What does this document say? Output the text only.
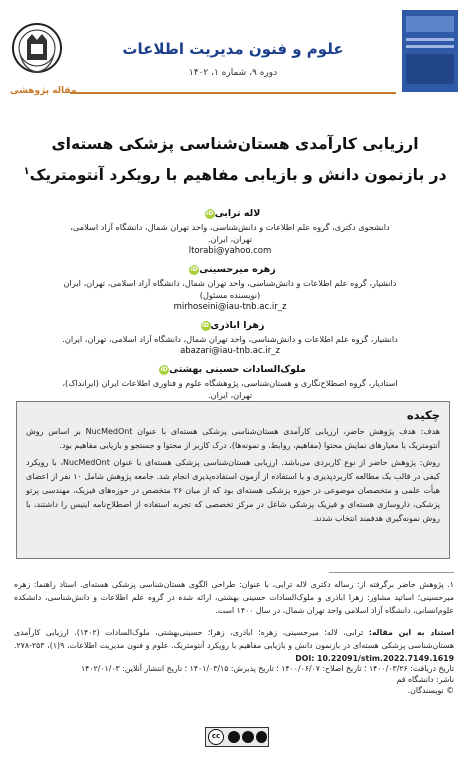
علوم و فنون مدیریت اطلاعات
دوره ۹، شماره ۱، ۱۴۰۲
مقاله پژوهشی
ارزیابی کارآمدی هستان‌شناسی پزشکی هسته‌ای
در بازنمون دانش و بازیابی مفاهیم با رویکرد آنتومتریک$^۱$
لاله ترابیiD
دانشجوی دکتری، گروه علم اطلاعات و دانش‌شناسی، واحد تهران شمال، دانشگاه آزاد اسلامی،
تهران، ایران.
ltorabi@yahoo.com
زهره میرحسینیiD
دانشیار، گروه علم اطلاعات و دانش‌شناسی، واحد تهران شمال، دانشگاه آزاد اسلامی، تهران، ایران
(نویسنده مسئول)
mirhoseini@iau-tnb.ac.ir_z
زهرا اباذریiD
دانشیار، گروه علم اطلاعات و دانش‌شناسی، واحد تهران شمال، دانشگاه آزاد اسلامی، تهران، ایران.
abazari@iau-tnb.ac.ir_z
ملوک‌السادات حسینی بهشتیiD
استادیار، گروه اصطلاح‌نگاری و هستان‌شناسی، پژوهشگاه علوم و فناوری اطلاعات ایران (ایرانداک)،
تهران، ایران.
چکیده

هدف: هدف پژوهش حاضر، ارزیابی کارآمدی هستان‌شناسی پزشکی هسته‌ای با عنوان NucMedOnt بر اساس روش آنتومتریک با معیارهای نمایش محتوا (مفاهیم، روابط، و نمونه‌ها)، درک کاربر از محتوا و جستجو و بازیابی مفاهیم بود.

روش: پژوهش حاضر از نوع کاربردی می‌باشد. ارزیابی هستان‌شناسی پزشکی هسته‌ای با عنوان NucMedOnt، با رویکرد کیفی در قالب یک مطالعه کاربردپذیری و با استفاده از آزمون استفاده‌پذیری انجام شد. جامعه پژوهش شامل ۱۰ نفر از اعضای هیأت علمی و متخصصان موضوعی در حوزه پزشکی هسته‌ای بود که از میان ۲۶ متخصص در حوزه‌های فیزیک، مهندسی پرتو پزشکی، داروسازی هسته‌ای و فیزیک پزشکی شاغل در مرکز تخصصی که تجربه استفاده از اصطلاح‌نامه اینیس را داشتند، با روش نمونه‌گیری هدفمند انتخاب شدند.

۱. پژوهش حاضر برگرفته از: رساله دکتری لاله ترابی، با عنوان: طراحی الگوی هستان‌شناسی پزشکی هسته‌ای. استاد راهنما: زهره میرحسینی؛ اساتید مشاور: زهرا اباذری و ملوک‌السادات حسینی بهشتی، ارائه شده در گروه علم اطلاعات و دانش‌شناسی، دانشکده علوم‌انسانی، دانشگاه آزاد اسلامی واحد تهران شمال، در سال ۱۴۰۰ است.
استناد به این مقاله: ترابی، لاله؛ میرحسینی، زهره؛ اباذری، زهرا؛ حسینی‌بهشتی، ملوک‌السادات (۱۴۰۲). ارزیابی کارآمدی هستان‌شناسی پزشکی هسته‌ای در بازنمون دانش و بازیابی مفاهیم با رویکرد آنتومتریک. علوم و فنون مدیریت اطلاعات، ۹(۱)، ۲۵۳-۲۷۸. DOI: 10.22091/stim.2022.7149.1619
تاریخ دریافت: ۱۴۰۰/۰۳/۲۶ ؛ تاریخ اصلاح: ۱۴۰۰/۰۶/۰۷ ؛ تاریخ پذیرش: ۱۴۰۱/۰۳/۱۵ ؛ تاریخ انتشار آنلاین: ۱۴۰۲/۰۱/۰۳
ناشر: دانشگاه قم
© نویسندگان.
cc
